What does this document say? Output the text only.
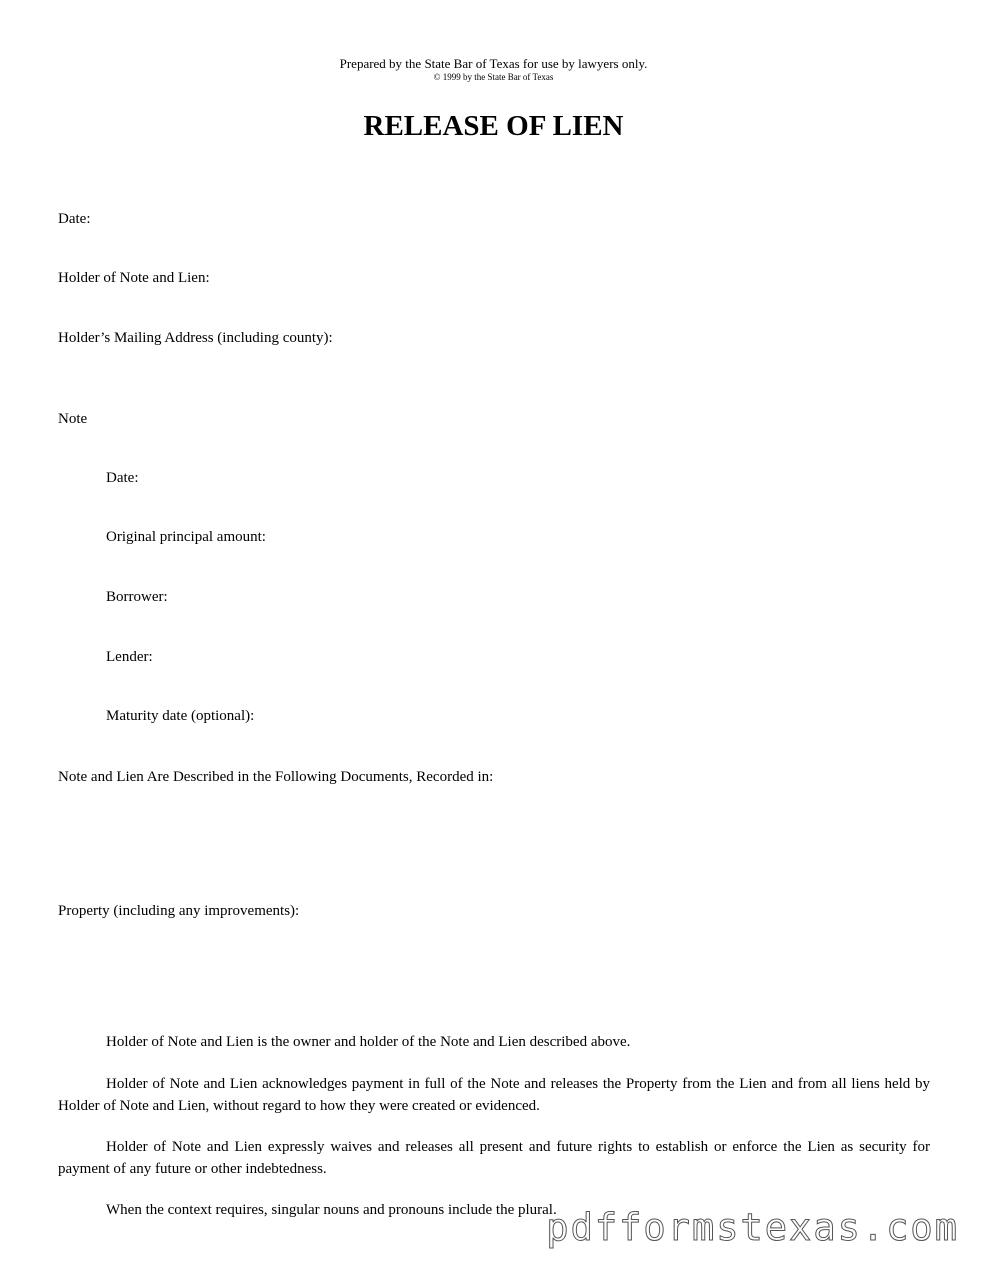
Prepared by the State Bar of Texas for use by lawyers only.
© 1999 by the State Bar of Texas
RELEASE OF LIEN
Date:
Holder of Note and Lien:
Holder’s Mailing Address (including county):
Note
Date:
Original principal amount:
Borrower:
Lender:
Maturity date (optional):
Note and Lien Are Described in the Following Documents, Recorded in:
Property (including any improvements):
Holder of Note and Lien is the owner and holder of the Note and Lien described above.
Holder of Note and Lien acknowledges payment in full of the Note and releases the Property from the Lien and from all liens held by Holder of Note and Lien, without regard to how they were created or evidenced.
Holder of Note and Lien expressly waives and releases all present and future rights to establish or enforce the Lien as security for payment of any future or other indebtedness.
When the context requires, singular nouns and pronouns include the plural.
pdfformstexas.com
